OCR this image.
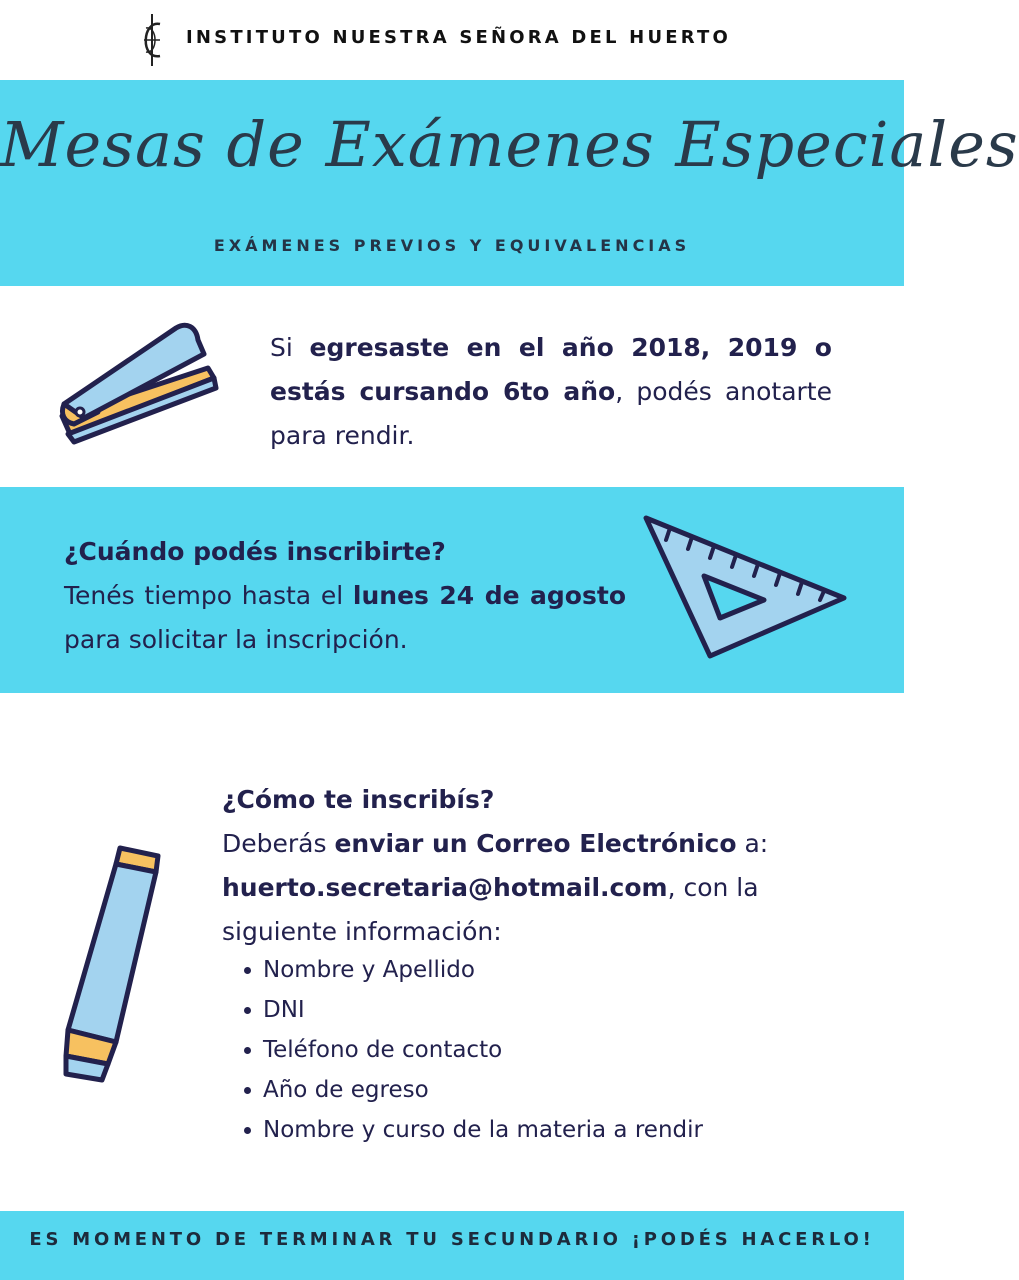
INSTITUTO NUESTRA SEÑORA DEL HUERTO
Mesas de Exámenes Especiales
EXÁMENES PREVIOS Y EQUIVALENCIAS
Si egresaste en el año 2018, 2019 o estás cursando 6to año, podés anotarte para rendir.
¿Cuándo podés inscribirte?
Tenés tiempo hasta el lunes 24 de agosto para solicitar la inscripción.
¿Cómo te inscribís?
Deberás enviar un Correo Electrónico a:
huerto.secretaria@hotmail.com, con la siguiente información:
Nombre y Apellido
DNI
Teléfono de contacto
Año de egreso
Nombre y curso de la materia a rendir
ES MOMENTO DE TERMINAR TU SECUNDARIO ¡PODÉS HACERLO!
